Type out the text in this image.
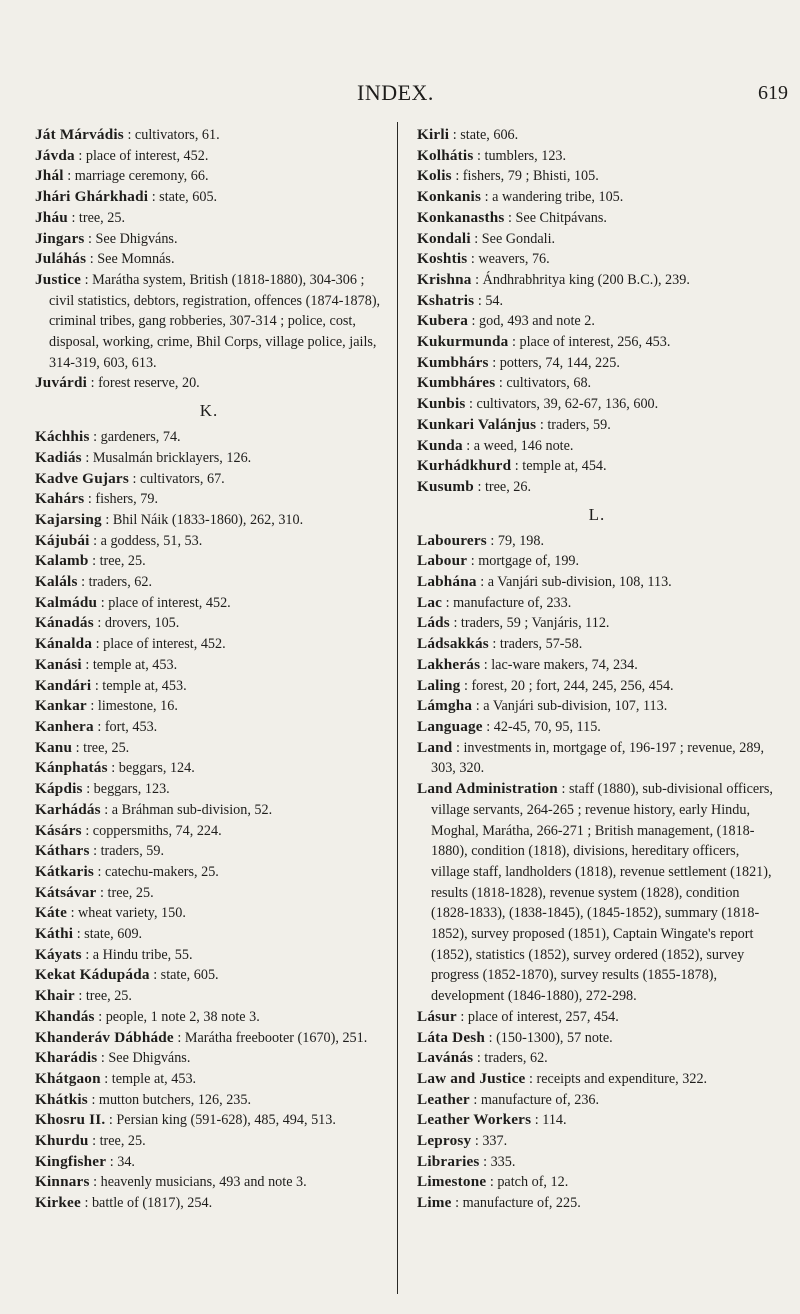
INDEX.	619
Ját Márvádis : cultivators, 61.
Jávda : place of interest, 452.
Jhál : marriage ceremony, 66.
Jhári Ghárkhadi : state, 605.
Jháu : tree, 25.
Jingars : See Dhigváns.
Juláhás : See Momnás.
Justice : Marátha system, British (1818-1880), 304-306 ; civil statistics, debtors, registration, offences (1874-1878), criminal tribes, gang robberies, 307-314 ; police, cost, disposal, working, crime, Bhil Corps, village police, jails, 314-319, 603, 613.
Juvárdi : forest reserve, 20.
K.
Káchhis : gardeners, 74.
Kadiás : Musalmán bricklayers, 126.
Kadve Gujars : cultivators, 67.
Kahárs : fishers, 79.
Kajarsing : Bhil Náik (1833-1860), 262, 310.
Kájubái : a goddess, 51, 53.
Kalamb : tree, 25.
Kaláls : traders, 62.
Kalmádu : place of interest, 452.
Kánadás : drovers, 105.
Kánalda : place of interest, 452.
Kanási : temple at, 453.
Kandári : temple at, 453.
Kankar : limestone, 16.
Kanhera : fort, 453.
Kanu : tree, 25.
Kánphatás : beggars, 124.
Kápdis : beggars, 123.
Karhádás : a Bráhman sub-division, 52.
Kásárs : coppersmiths, 74, 224.
Káthars : traders, 59.
Kátkaris : catechu-makers, 25.
Kátsávar : tree, 25.
Káte : wheat variety, 150.
Káthi : state, 609.
Káyats : a Hindu tribe, 55.
Kekat Kádupáda : state, 605.
Khair : tree, 25.
Khandás : people, 1 note 2, 38 note 3.
Khanderáv Dábháde : Marátha freebooter (1670), 251.
Kharádis : See Dhigváns.
Khátgaon : temple at, 453.
Khátkis : mutton butchers, 126, 235.
Khosru II. : Persian king (591-628), 485, 494, 513.
Khurdu : tree, 25.
Kingfisher : 34.
Kinnars : heavenly musicians, 493 and note 3.
Kirkee : battle of (1817), 254.
Kirli : state, 606.
Kolhátis : tumblers, 123.
Kolis : fishers, 79 ; Bhisti, 105.
Konkanis : a wandering tribe, 105.
Konkanasths : See Chitpávans.
Kondali : See Gondali.
Koshtis : weavers, 76.
Krishna : Ándhrabhritya king (200 B.C.), 239.
Kshatris : 54.
Kubera : god, 493 and note 2.
Kukurmunda : place of interest, 256, 453.
Kumbhárs : potters, 74, 144, 225.
Kumbháres : cultivators, 68.
Kunbis : cultivators, 39, 62-67, 136, 600.
Kunkari Valánjus : traders, 59.
Kunda : a weed, 146 note.
Kurhádkhurd : temple at, 454.
Kusumb : tree, 26.
L.
Labourers : 79, 198.
Labour : mortgage of, 199.
Labhána : a Vanjári sub-division, 108, 113.
Lac : manufacture of, 233.
Láds : traders, 59 ; Vanjáris, 112.
Ládsakkás : traders, 57-58.
Lakherás : lac-ware makers, 74, 234.
Laling : forest, 20 ; fort, 244, 245, 256, 454.
Lámgha : a Vanjári sub-division, 107, 113.
Language : 42-45, 70, 95, 115.
Land : investments in, mortgage of, 196-197 ; revenue, 289, 303, 320.
Land Administration : staff (1880), sub-divisional officers, village servants, 264-265 ; revenue history, early Hindu, Moghal, Marátha, 266-271 ; British management, (1818-1880), condition (1818), divisions, hereditary officers, village staff, landholders (1818), revenue settlement (1821), results (1818-1828), revenue system (1828), condition (1828-1833), (1838-1845), (1845-1852), summary (1818-1852), survey proposed (1851), Captain Wingate's report (1852), statistics (1852), survey ordered (1852), survey progress (1852-1870), survey results (1855-1878), development (1846-1880), 272-298.
Lásur : place of interest, 257, 454.
Láta Desh : (150-1300), 57 note.
Lavánás : traders, 62.
Law and Justice : receipts and expenditure, 322.
Leather : manufacture of, 236.
Leather Workers : 114.
Leprosy : 337.
Libraries : 335.
Limestone : patch of, 12.
Lime : manufacture of, 225.
